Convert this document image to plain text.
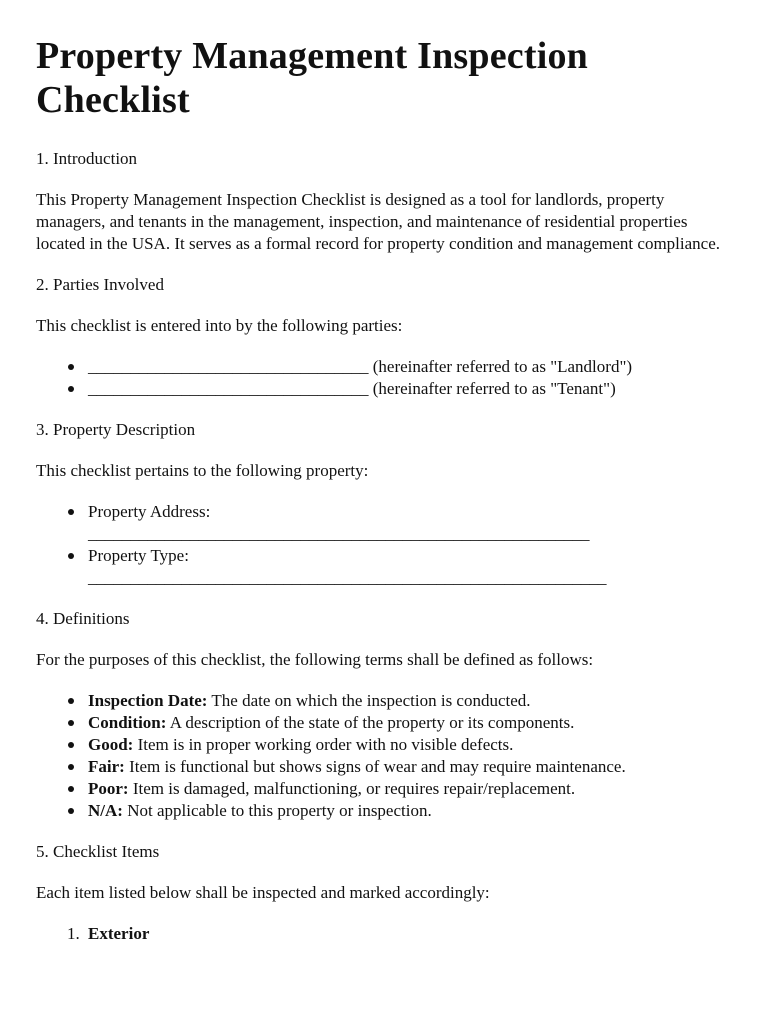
Property Management Inspection Checklist
1. Introduction

This Property Management Inspection Checklist is designed as a tool for landlords, property managers, and tenants in the management, inspection, and maintenance of residential properties located in the USA. It serves as a formal record for property condition and management compliance.

2. Parties Involved

This checklist is entered into by the following parties:

_________________________________ (hereinafter referred to as "Landlord")
_________________________________ (hereinafter referred to as "Tenant")
3. Property Description

This checklist pertains to the following property:

Property Address:
___________________________________________________________
Property Type:
_____________________________________________________________
4. Definitions

For the purposes of this checklist, the following terms shall be defined as follows:

Inspection Date: The date on which the inspection is conducted.
Condition: A description of the state of the property or its components.
Good: Item is in proper working order with no visible defects.
Fair: Item is functional but shows signs of wear and may require maintenance.
Poor: Item is damaged, malfunctioning, or requires repair/replacement.
N/A: Not applicable to this property or inspection.
5. Checklist Items

Each item listed below shall be inspected and marked accordingly:

1. Exterior
